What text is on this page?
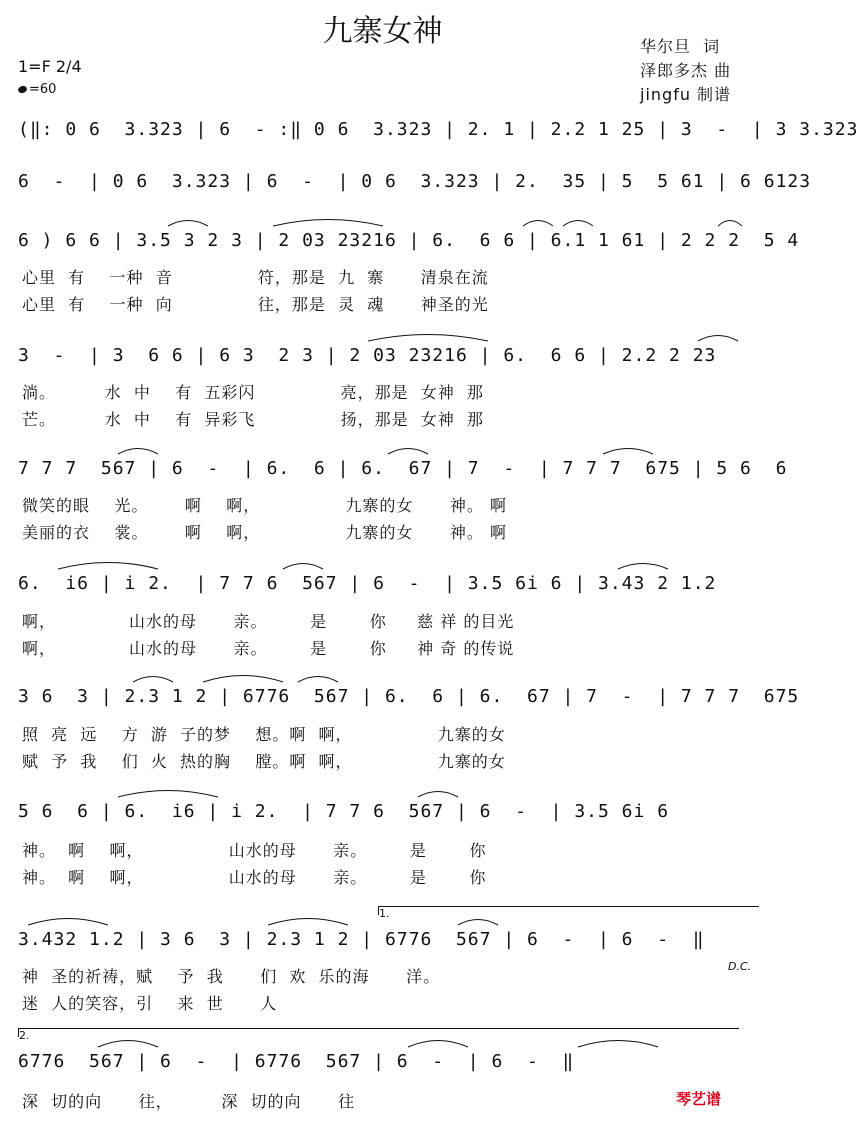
九寨女神	华尔旦  词
泽郎多杰 曲
jingfu 制谱
1=F 2/4
=60

(‖: 0 6  3.323 | 6  - :‖ 0 6  3.323 | 2. 1 | 2.2 1 25 | 3  -  | 3 3.323

6  -  | 0 6  3.323 | 6  -  | 0 6  3.323 | 2.  35 | 5  5 61 | 6 6123

6 ) 6 6 | 3.5 3 2 3 | 2 03 23216 | 6.  6 6 | 6.1 1 61 | 2 2 2  5 4

心里  有    一种  音              符，那是  九  寨      清泉在流
心里  有    一种  向              往，那是  灵  魂      神圣的光

3  -  | 3  6 6 | 6 3  2 3 | 2 03 23216 | 6.  6 6 | 2.2 2 23

淌。        水  中    有  五彩闪              亮，那是  女神  那
芒。        水  中    有  异彩飞              扬，那是  女神  那

7 7 7  567 | 6  -  | 6.  6 | 6.  67 | 7  -  | 7 7 7  675 | 5 6  6

微笑的眼    光。      啊    啊，              九寨的女      神。 啊
美丽的衣    裳。      啊    啊，              九寨的女      神。 啊

6.  i6 | i 2.  | 7 7 6  567 | 6  -  | 3.5 6i 6 | 3.43 2 1.2

啊，            山水的母      亲。       是       你     慈 祥 的目光
啊，            山水的母      亲。       是       你     神 奇 的传说

3 6  3 | 2.3 1 2 | 6776  567 | 6.  6 | 6.  67 | 7  -  | 7 7 7  675

照  亮  远    方  游  子的梦    想。啊  啊，              九寨的女
赋  予  我    们  火  热的胸    膛。啊  啊，              九寨的女

5 6  6 | 6.  i6 | i 2.  | 7 7 6  567 | 6  -  | 3.5 6i 6

神。  啊    啊，              山水的母      亲。       是       你
神。  啊    啊，              山水的母      亲。       是       你

1.

3.432 1.2 | 3 6  3 | 2.3 1 2 | 6776  567 | 6  -  | 6  -  ‖

D.C.
神  圣的祈祷，赋    予  我      们  欢  乐的海      洋。
迷  人的笑容，引    来  世      人

2.

6776  567 | 6  -  | 6776  567 | 6  -  | 6  -  ‖

深  切的向      往，        深  切的向      往	琴艺谱
